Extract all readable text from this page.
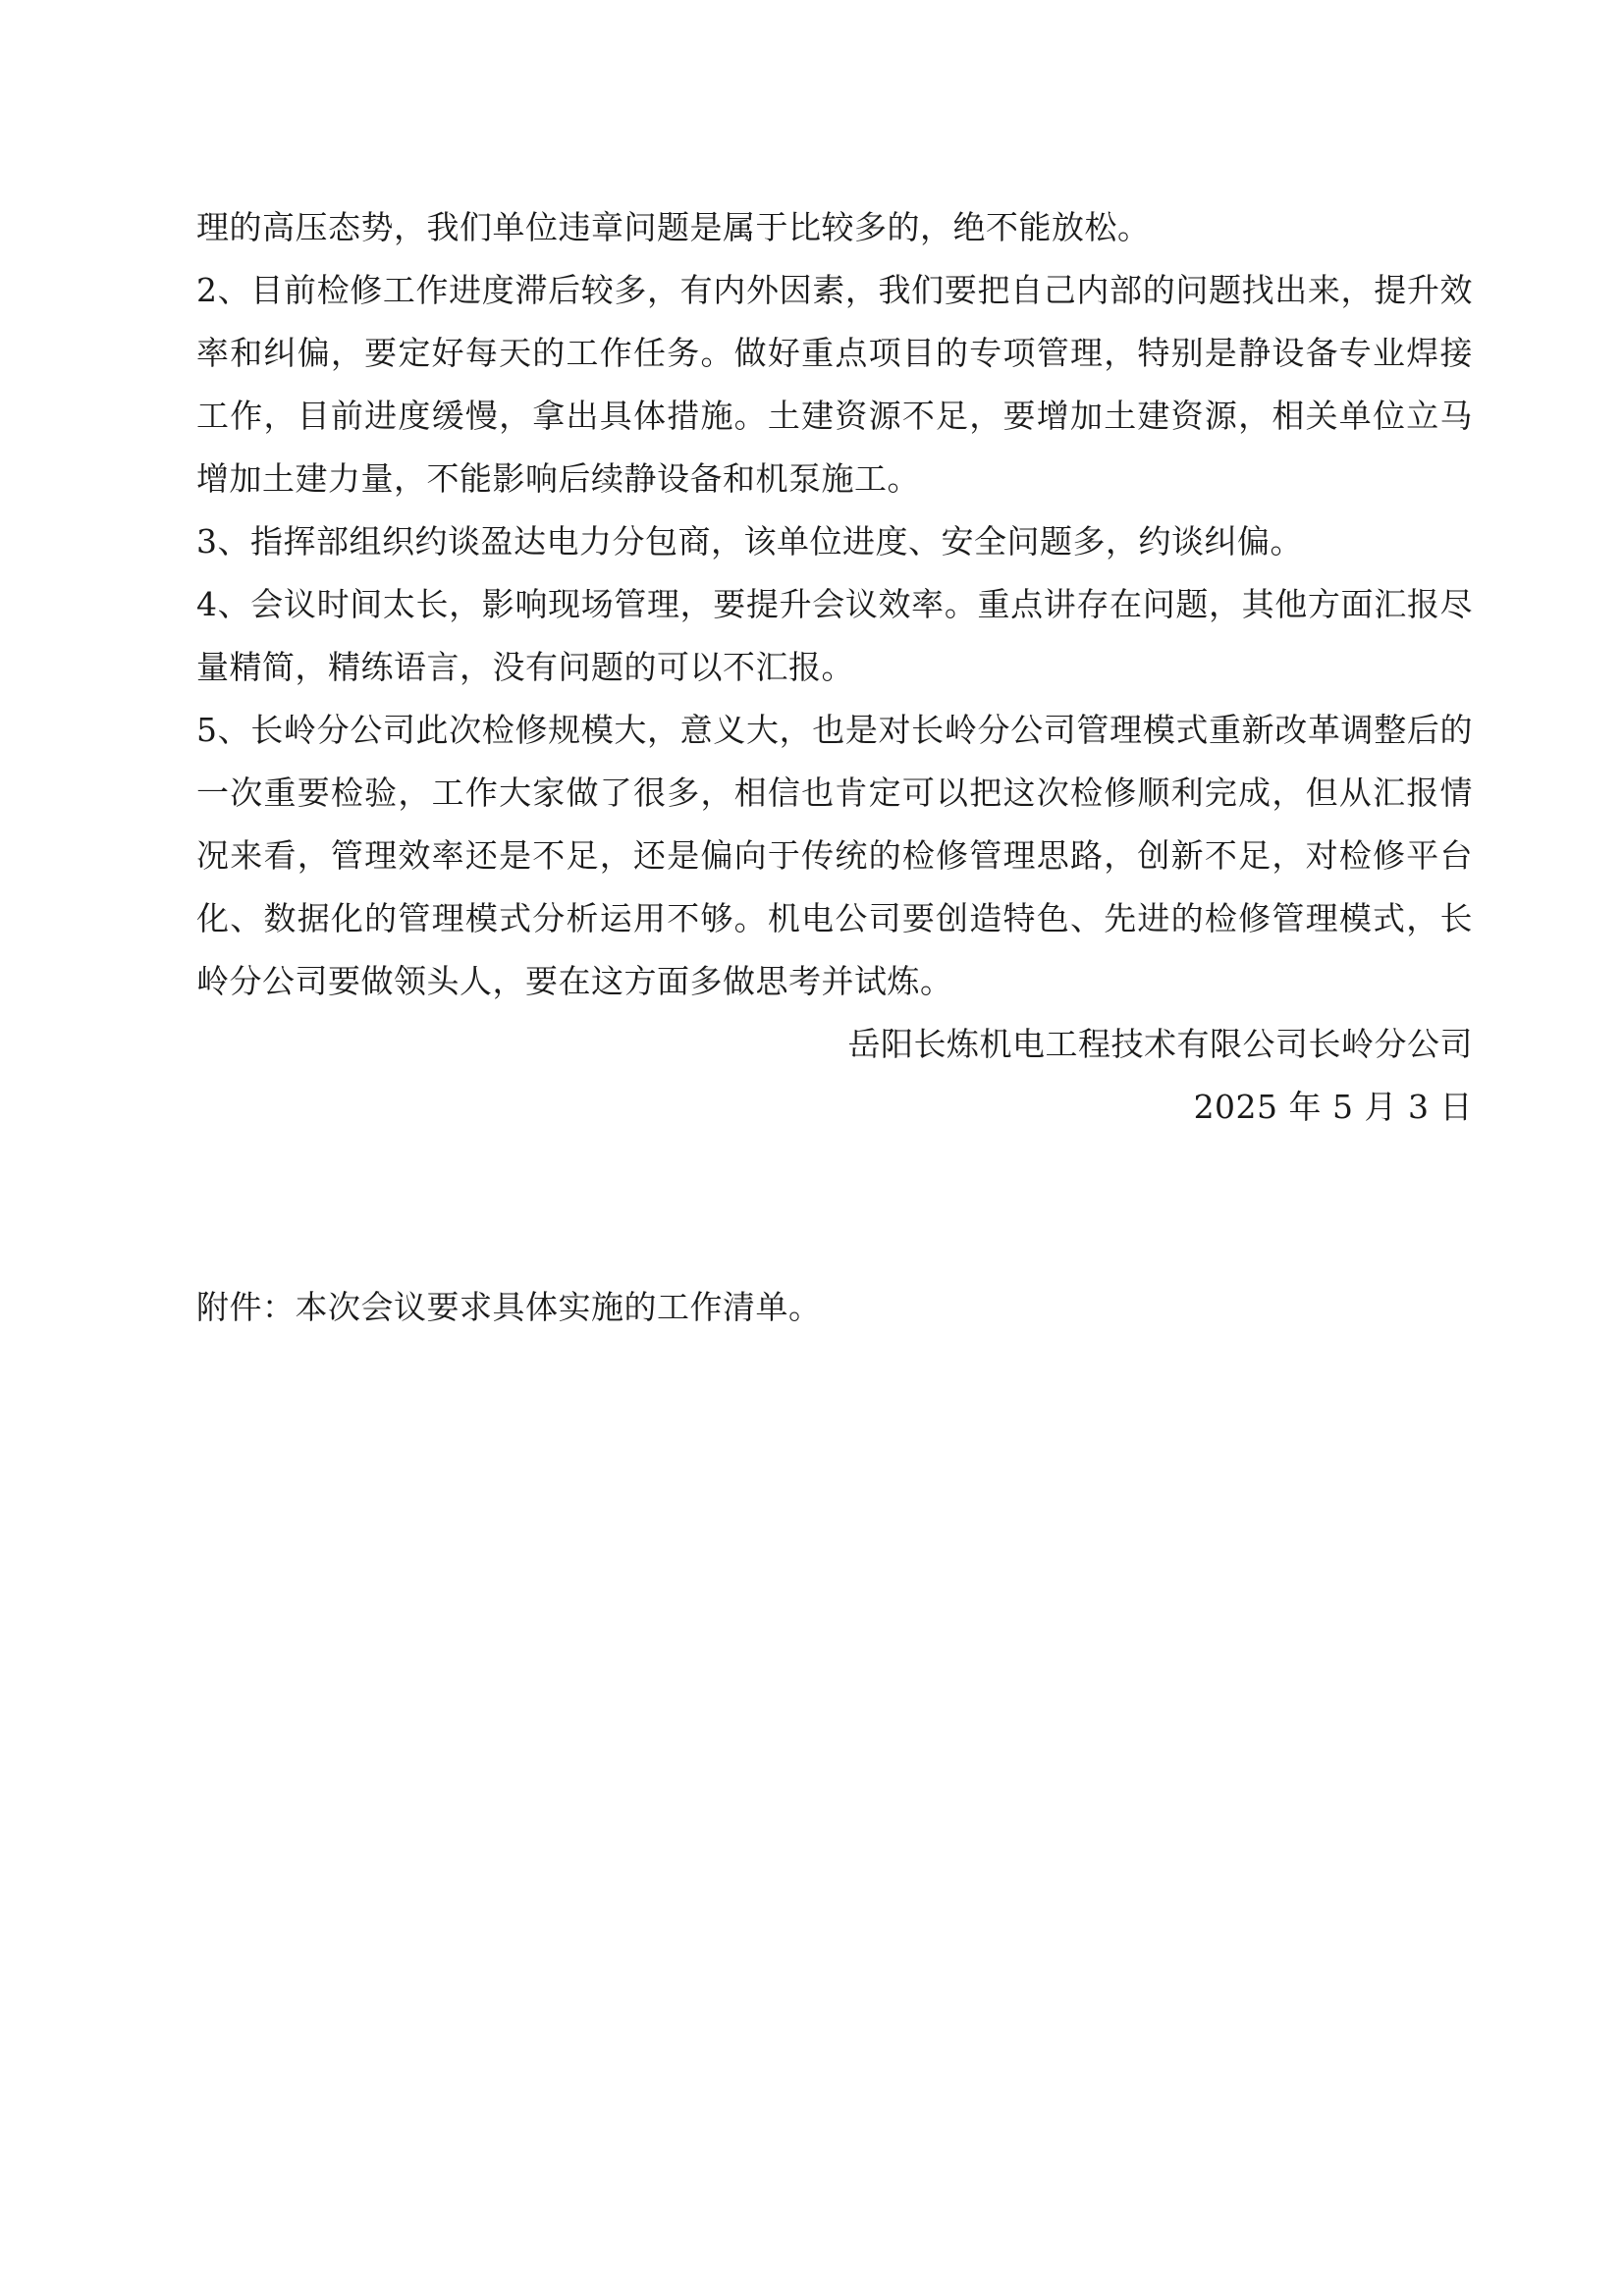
理的高压态势，我们单位违章问题是属于比较多的，绝不能放松。

2、目前检修工作进度滞后较多，有内外因素，我们要把自己内部的问题找出来，提升效率和纠偏，要定好每天的工作任务。做好重点项目的专项管理，特别是静设备专业焊接工作，目前进度缓慢，拿出具体措施。土建资源不足，要增加土建资源，相关单位立马增加土建力量，不能影响后续静设备和机泵施工。

3、指挥部组织约谈盈达电力分包商，该单位进度、安全问题多，约谈纠偏。

4、会议时间太长，影响现场管理，要提升会议效率。重点讲存在问题，其他方面汇报尽量精简，精练语言，没有问题的可以不汇报。

5、长岭分公司此次检修规模大，意义大，也是对长岭分公司管理模式重新改革调整后的一次重要检验，工作大家做了很多，相信也肯定可以把这次检修顺利完成，但从汇报情况来看，管理效率还是不足，还是偏向于传统的检修管理思路，创新不足，对检修平台化、数据化的管理模式分析运用不够。机电公司要创造特色、先进的检修管理模式，长岭分公司要做领头人，要在这方面多做思考并试炼。

岳阳长炼机电工程技术有限公司长岭分公司
2025 年 5 月 3 日
附件：本次会议要求具体实施的工作清单。
